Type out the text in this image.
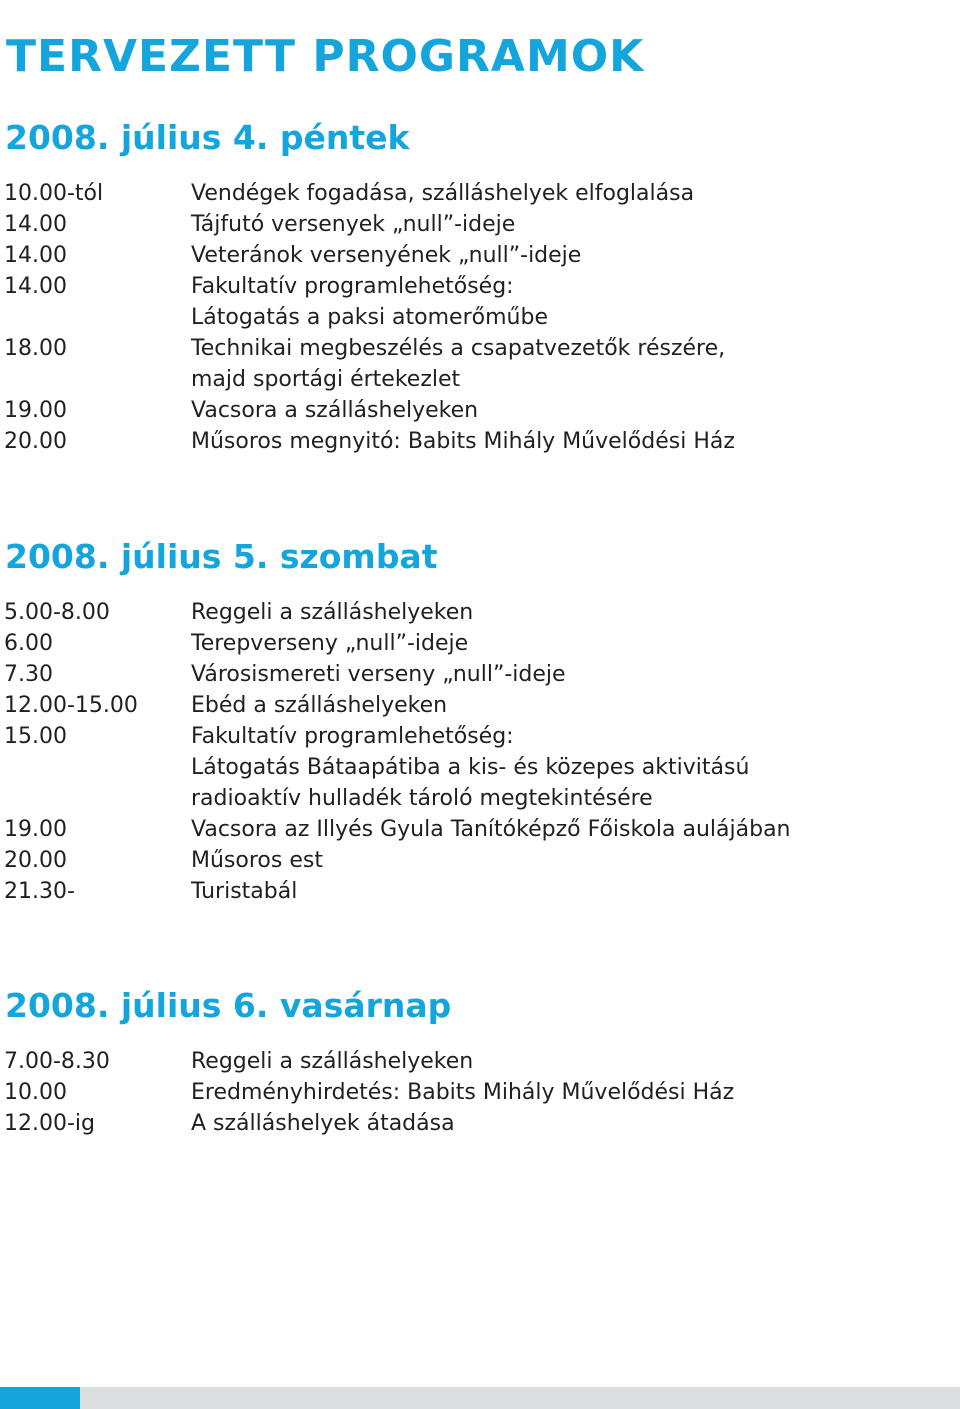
TERVEZETT PROGRAMOK
2008. július 4. péntek
10.00-tól	Vendégek fogadása, szálláshelyek elfoglalása
14.00	Tájfutó versenyek „null”-ideje
14.00	Veteránok versenyének „null”-ideje
14.00	Fakultatív programlehetőség:
Látogatás a paksi atomerőműbe
18.00	Technikai megbeszélés a csapatvezetők részére,
majd sportági értekezlet
19.00	Vacsora a szálláshelyeken
20.00	Műsoros megnyitó: Babits Mihály Művelődési Ház
2008. július 5. szombat
5.00-8.00	Reggeli a szálláshelyeken
6.00	Terepverseny „null”-ideje
7.30	Városismereti verseny „null”-ideje
12.00-15.00	Ebéd a szálláshelyeken
15.00	Fakultatív programlehetőség:
Látogatás Bátaapátiba a kis- és közepes aktivitású
radioaktív hulladék tároló megtekintésére
19.00	Vacsora az Illyés Gyula Tanítóképző Főiskola aulájában
20.00	Műsoros est
21.30-	Turistabál
2008. július 6. vasárnap
7.00-8.30	Reggeli a szálláshelyeken
10.00	Eredményhirdetés: Babits Mihály Művelődési Ház
12.00-ig	A szálláshelyek átadása
